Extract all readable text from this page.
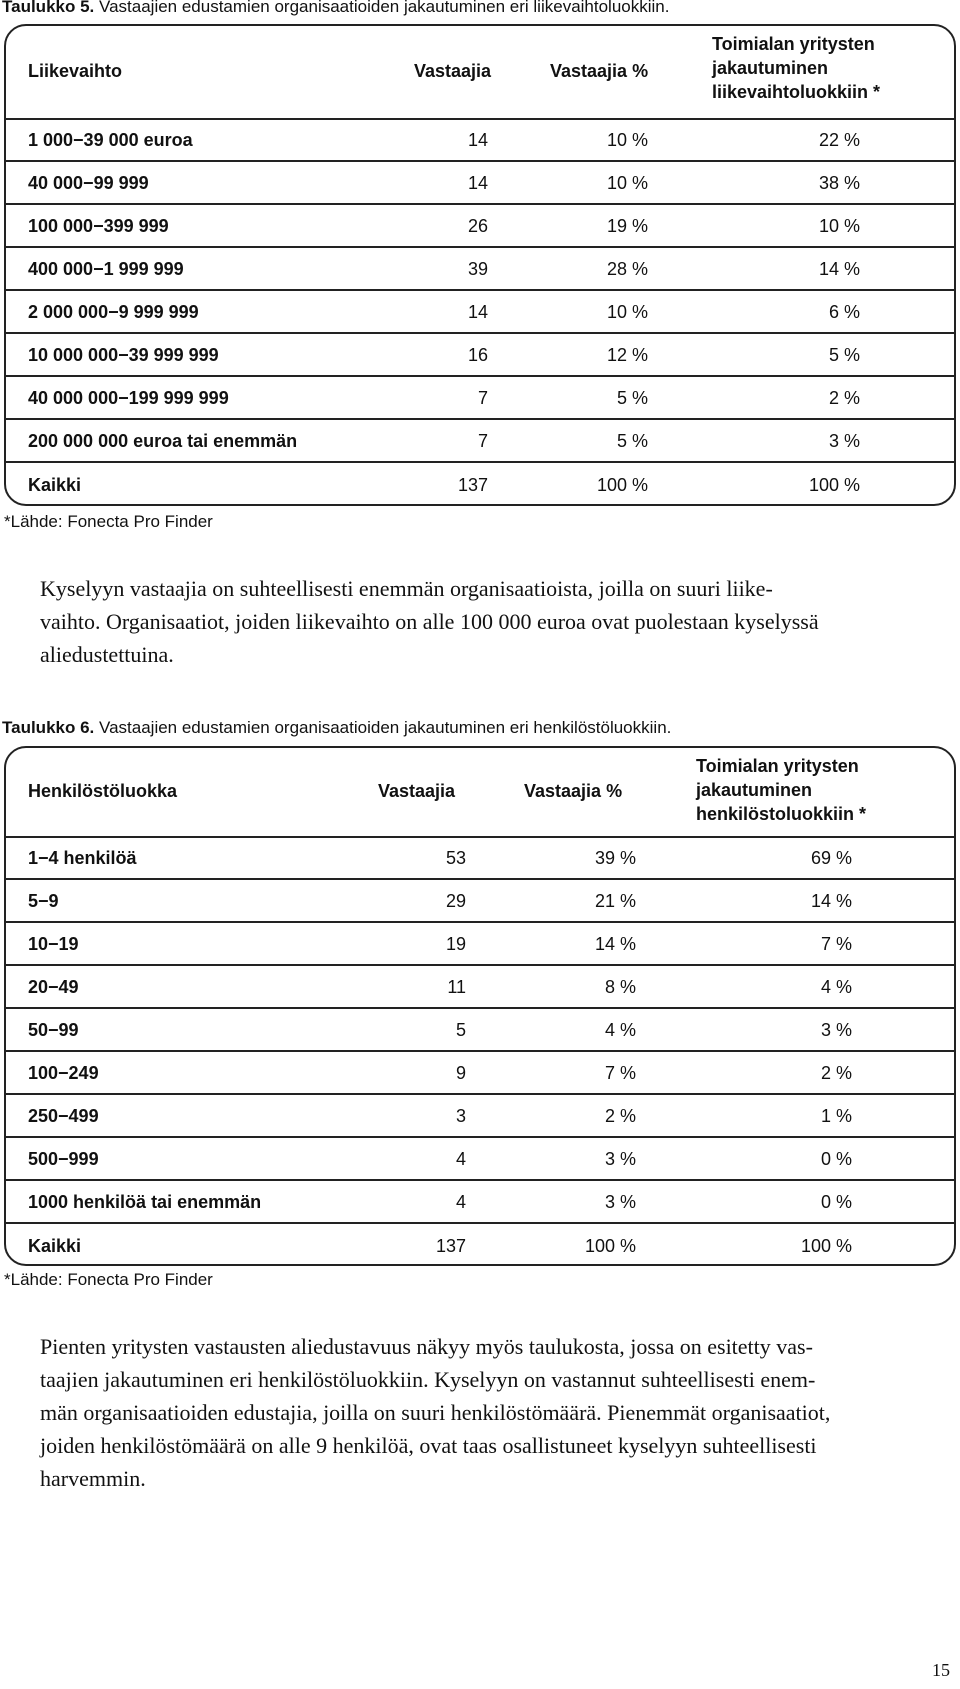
Taulukko 5. Vastaajien edustamien organisaatioiden jakautuminen eri liikevaihtoluokkiin.
Liikevaihto	Vastaajia	Vastaajia %
Toimialan yritysten
jakautuminen
liikevaihtoluokkiin *
1 000−39 000 euroa	14	10 %	22 %
40 000−99 999	14	10 %	38 %
100 000−399 999	26	19 %	10 %
400 000−1 999 999	39	28 %	14 %
2 000 000−9 999 999	14	10 %	6 %
10 000 000−39 999 999	16	12 %	5 %
40 000 000−199 999 999	7	5 %	2 %
200 000 000 euroa tai enemmän	7	5 %	3 %
Kaikki	137	100 %	100 %
*Lähde: Fonecta Pro Finder
Kyselyyn vastaajia on suhteellisesti enemmän organisaatioista, joilla on suuri liike-
vaihto. Organisaatiot, joiden liikevaihto on alle 100 000 euroa ovat puolestaan kyselyssä
aliedustettuina.
Taulukko 6. Vastaajien edustamien organisaatioiden jakautuminen eri henkilöstöluokkiin.
Henkilöstöluokka	Vastaajia	Vastaajia %
Toimialan yritysten
jakautuminen
henkilöstoluokkiin *
1−4 henkilöä	53	39 %	69 %
5−9	29	21 %	14 %
10−19	19	14 %	7 %
20−49	11	8 %	4 %
50−99	5	4 %	3 %
100−249	9	7 %	2 %
250−499	3	2 %	1 %
500−999	4	3 %	0 %
1000 henkilöä tai enemmän	4	3 %	0 %
Kaikki	137	100 %	100 %
*Lähde: Fonecta Pro Finder
Pienten yritysten vastausten aliedustavuus näkyy myös taulukosta, jossa on esitetty vas-
taajien jakautuminen eri henkilöstöluokkiin. Kyselyyn on vastannut suhteellisesti enem-
män organisaatioiden edustajia, joilla on suuri henkilöstömäärä. Pienemmät organisaatiot,
joiden henkilöstömäärä on alle 9 henkilöä, ovat taas osallistuneet kyselyyn suhteellisesti
harvemmin.
15
